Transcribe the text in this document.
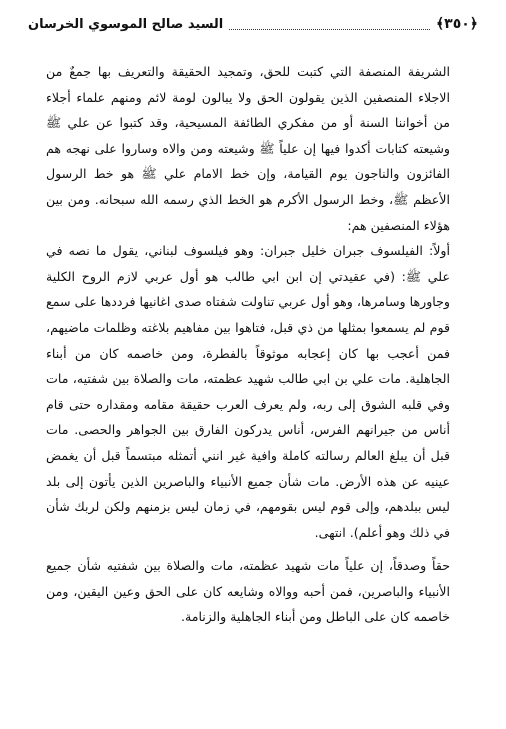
﴿٣٥٠﴾
السيد صالح الموسوي الخرسان

الشريفة المنصفة التي كتبت للحق، وتمجيد الحقيقة والتعريف بها جمعٌ من الاجلاء المنصفين الذين يقولون الحق ولا يبالون لومة لائم ومنهم علماء أجلاء من أخواننا السنة أو من مفكري الطائفة المسيحية، وقد كتبوا عن علي ﷺ وشيعته كتابات أكدوا فيها إن علياً ﷺ وشيعته ومن والاه وساروا على نهجه هم الفائزون والناجون يوم القيامة، وإن خط الامام علي ﷺ هو خط الرسول الأعظم ﷺ، وخط الرسول الأكرم هو الخط الذي رسمه الله سبحانه. ومن بين هؤلاء المنصفين هم:

أولاً: الفيلسوف جبران خليل جبران: وهو فيلسوف لبناني، يقول ما نصه في علي ﷺ: (في عقيدتي إن ابن ابي طالب هو أول عربي لازم الروح الكلية وجاورها وسامرها، وهو أول عربي تناولت شفتاه صدى اغانيها فرددها على سمع قوم لم يسمعوا بمثلها من ذي قبل، فتاهوا بين مفاهيم بلاغته وظلمات ماضيهم، فمن أعجب بها كان إعجابه موثوقاً بالفطرة، ومن خاصمه كان من أبناء الجاهلية. مات علي بن ابي طالب شهيد عظمته، مات والصلاة بين شفتيه، مات وفي قلبه الشوق إلى ربه، ولم يعرف العرب حقيقة مقامه ومقداره حتى قام أناس من جيرانهم الفرس، أناس يدركون الفارق بين الجواهر والحصى. مات قبل أن يبلغ العالم رسالته كاملة وافية غير انني أتمثله مبتسماً قبل أن يغمض عينيه عن هذه الأرض. مات شأن جميع الأنبياء والباصرين الذين يأتون إلى بلد ليس ببلدهم، وإلى قوم ليس بقومهم، في زمان ليس بزمنهم ولكن لربك شأن في ذلك وهو أعلم). انتهى.

حقاً وصدقاً، إن علياً مات شهيد عظمته، مات والصلاة بين شفتيه شأن جميع الأنبياء والباصرين، فمن أحبه ووالاه وشايعه كان على الحق وعين اليقين، ومن خاصمه كان على الباطل ومن أبناء الجاهلية والزنامة.
